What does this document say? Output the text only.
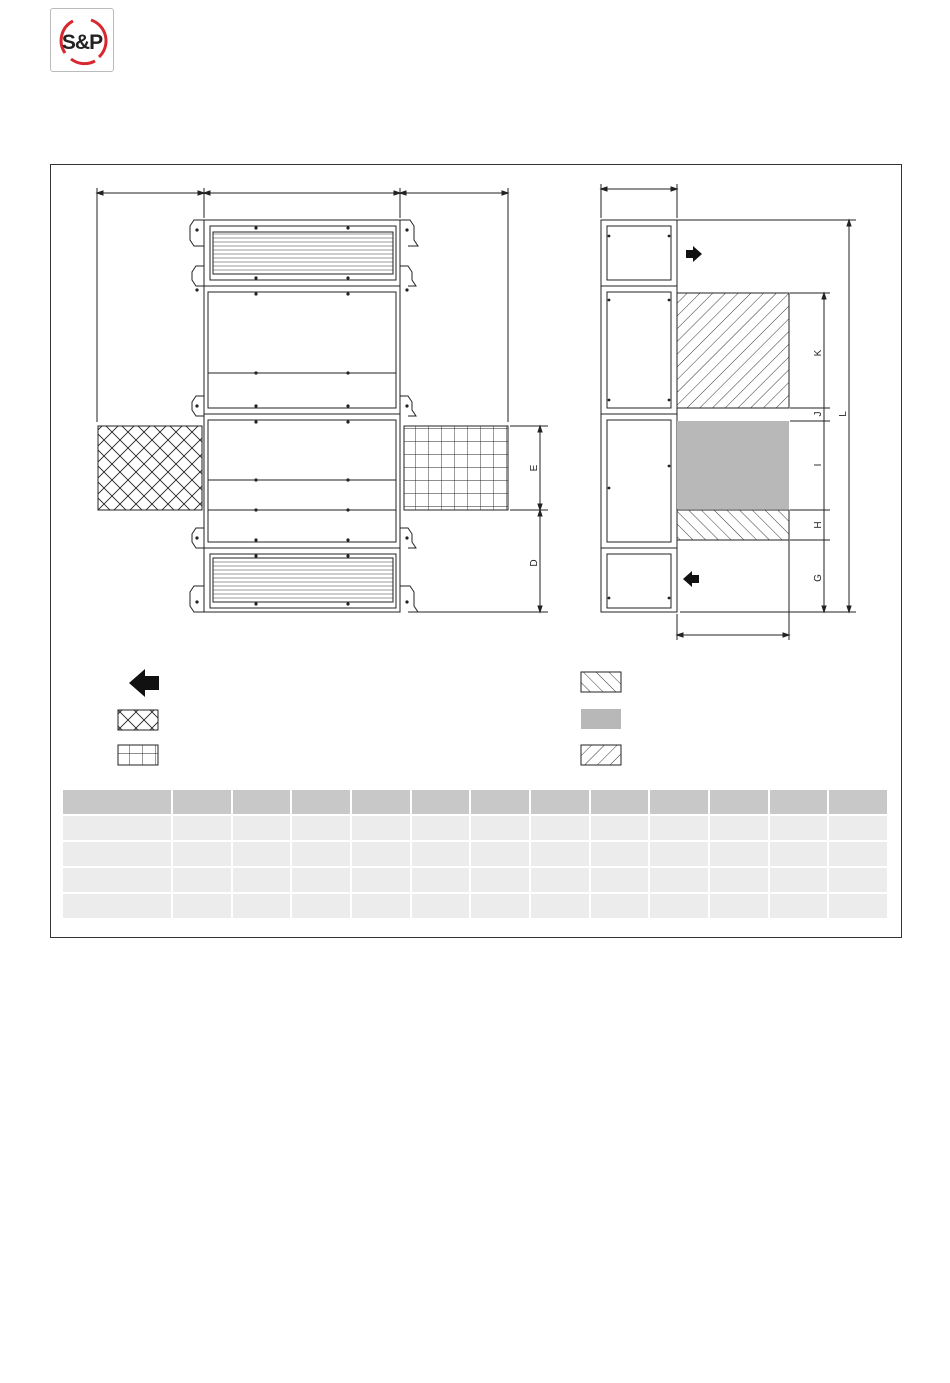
S&P
D
E
G
H
I
J
K
L
